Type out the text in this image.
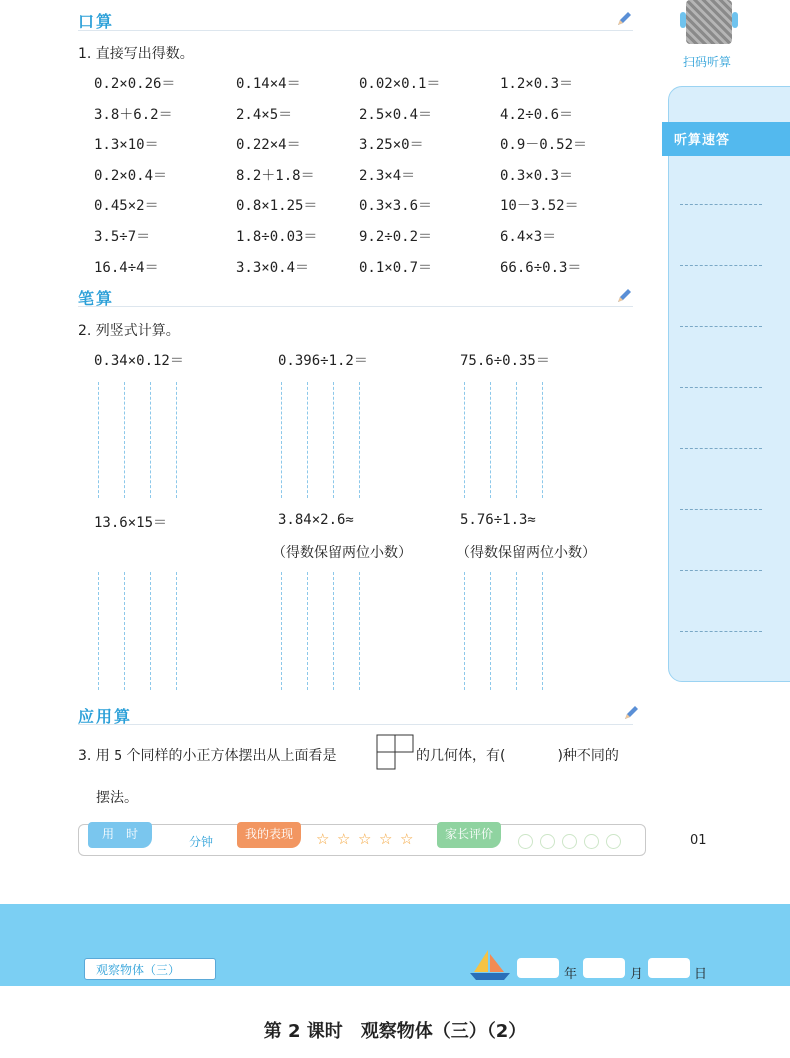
口算
1. 直接写出得数。
0.2×0.26＝	0.14×4＝	0.02×0.1＝	1.2×0.3＝
3.8＋6.2＝	2.4×5＝	2.5×0.4＝	4.2÷0.6＝
1.3×10＝	0.22×4＝	3.25×0＝	0.9－0.52＝
0.2×0.4＝	8.2＋1.8＝	2.3×4＝	0.3×0.3＝
0.45×2＝	0.8×1.25＝	0.3×3.6＝	10－3.52＝
3.5÷7＝	1.8÷0.03＝	9.2÷0.2＝	6.4×3＝
16.4÷4＝	3.3×0.4＝	0.1×0.7＝	66.6÷0.3＝
笔算
2. 列竖式计算。
0.34×0.12＝	0.396÷1.2＝	75.6÷0.35＝
13.6×15＝	3.84×2.6≈	5.76÷1.3≈
（得数保留两位小数）	（得数保留两位小数）
应用算
3. 用 5 个同样的小正方体摆出从上面看是	的几何体，有(	)种不同的
摆法。
用　时
分钟
我的表现	☆ ☆ ☆ ☆ ☆	家长评价	01
扫码听算
听算速答
观察物体（三）	年	月	日
第 2 课时　观察物体（三）（2）
